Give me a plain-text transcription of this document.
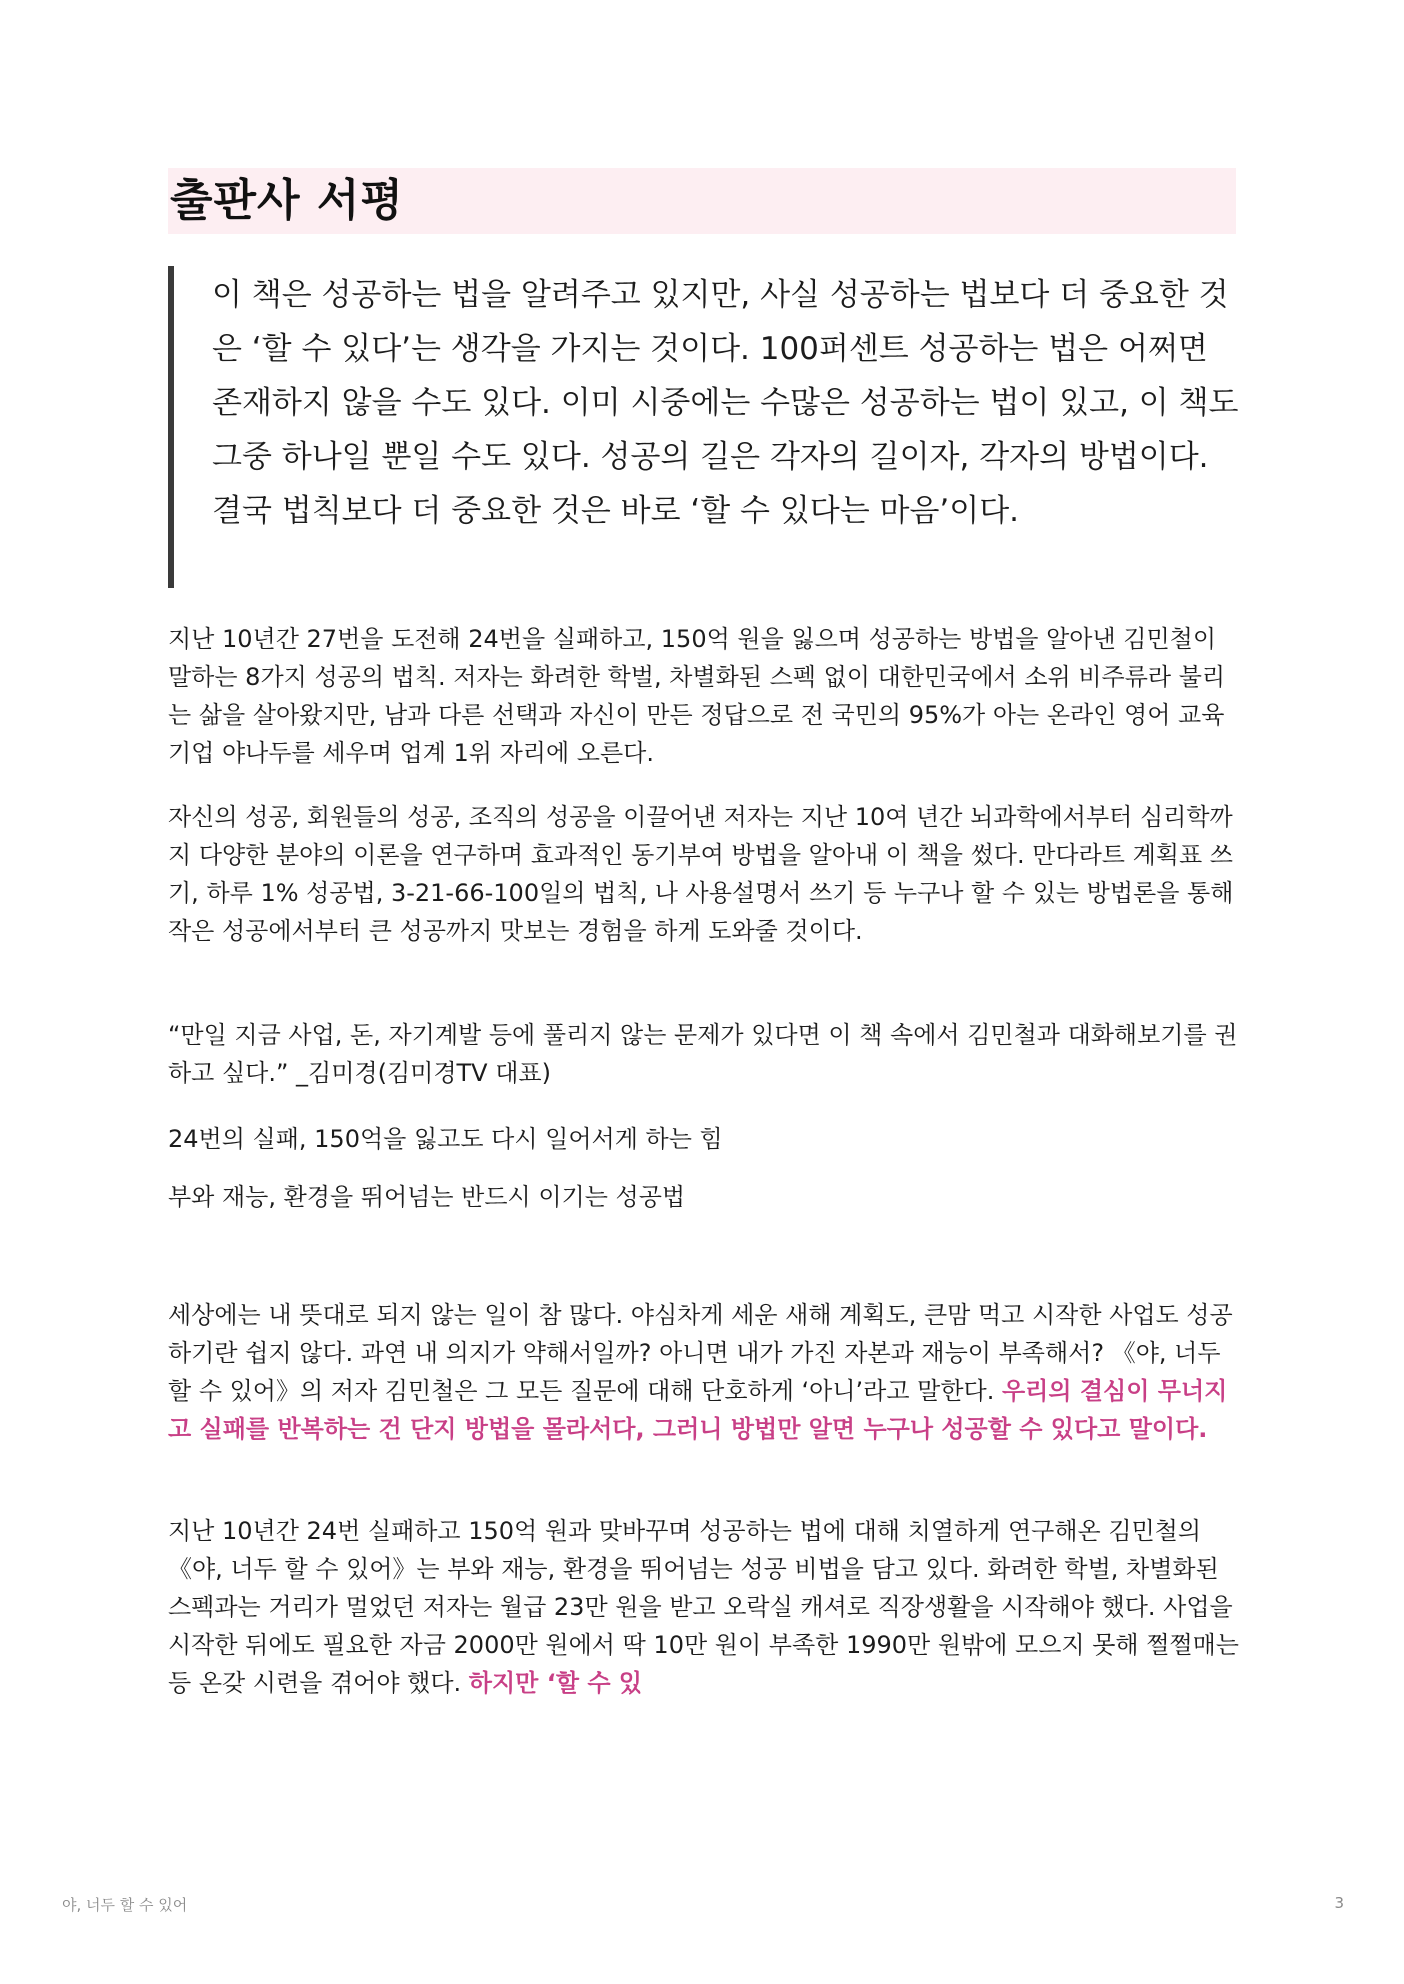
출판사 서평
이 책은 성공하는 법을 알려주고 있지만, 사실 성공하는 법보다 더 중요한 것은 ‘할 수 있다’는 생각을 가지는 것이다. 100퍼센트 성공하는 법은 어쩌면 존재하지 않을 수도 있다. 이미 시중에는 수많은 성공하는 법이 있고, 이 책도 그중 하나일 뿐일 수도 있다. 성공의 길은 각자의 길이자, 각자의 방법이다. 결국 법칙보다 더 중요한 것은 바로 ‘할 수 있다는 마음’이다.

지난 10년간 27번을 도전해 24번을 실패하고, 150억 원을 잃으며 성공하는 방법을 알아낸 김민철이 말하는 8가지 성공의 법칙. 저자는 화려한 학벌, 차별화된 스펙 없이 대한민국에서 소위 비주류라 불리는 삶을 살아왔지만, 남과 다른 선택과 자신이 만든 정답으로 전 국민의 95%가 아는 온라인 영어 교육 기업 야나두를 세우며 업계 1위 자리에 오른다.

자신의 성공, 회원들의 성공, 조직의 성공을 이끌어낸 저자는 지난 10여 년간 뇌과학에서부터 심리학까지 다양한 분야의 이론을 연구하며 효과적인 동기부여 방법을 알아내 이 책을 썼다. 만다라트 계획표 쓰기, 하루 1% 성공법, 3-21-66-100일의 법칙, 나 사용설명서 쓰기 등 누구나 할 수 있는 방법론을 통해 작은 성공에서부터 큰 성공까지 맛보는 경험을 하게 도와줄 것이다.

“만일 지금 사업, 돈, 자기계발 등에 풀리지 않는 문제가 있다면 이 책 속에서 김민철과 대화해보기를 권하고 싶다.” _김미경(김미경TV 대표)

24번의 실패, 150억을 잃고도 다시 일어서게 하는 힘

부와 재능, 환경을 뛰어넘는 반드시 이기는 성공법

세상에는 내 뜻대로 되지 않는 일이 참 많다. 야심차게 세운 새해 계획도, 큰맘 먹고 시작한 사업도 성공하기란 쉽지 않다. 과연 내 의지가 약해서일까? 아니면 내가 가진 자본과 재능이 부족해서? 《야, 너두 할 수 있어》의 저자 김민철은 그 모든 질문에 대해 단호하게 ‘아니’라고 말한다. 우리의 결심이 무너지고 실패를 반복하는 건 단지 방법을 몰라서다, 그러니 방법만 알면 누구나 성공할 수 있다고 말이다.

지난 10년간 24번 실패하고 150억 원과 맞바꾸며 성공하는 법에 대해 치열하게 연구해온 김민철의 《야, 너두 할 수 있어》는 부와 재능, 환경을 뛰어넘는 성공 비법을 담고 있다. 화려한 학벌, 차별화된 스펙과는 거리가 멀었던 저자는 월급 23만 원을 받고 오락실 캐셔로 직장생활을 시작해야 했다. 사업을 시작한 뒤에도 필요한 자금 2000만 원에서 딱 10만 원이 부족한 1990만 원밖에 모으지 못해 쩔쩔매는 등 온갖 시련을 겪어야 했다. 하지만 ‘할 수 있

야, 너두 할 수 있어	3
